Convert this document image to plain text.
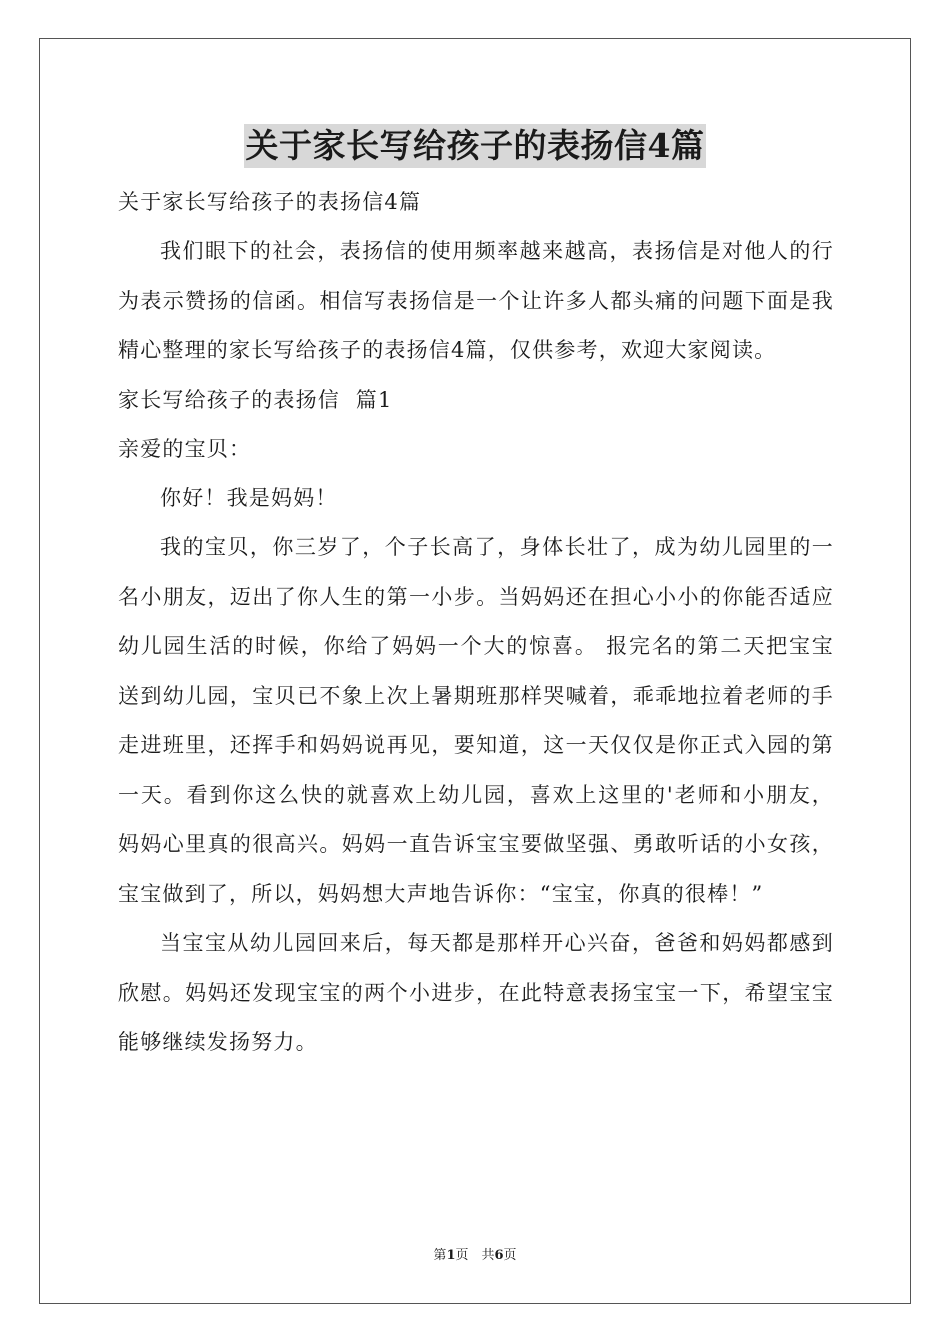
关于家长写给孩子的表扬信4篇

关于家长写给孩子的表扬信4篇

我们眼下的社会，表扬信的使用频率越来越高，表扬信是对他人的行为表示赞扬的信函。相信写表扬信是一个让许多人都头痛的问题下面是我精心整理的家长写给孩子的表扬信4篇，仅供参考，欢迎大家阅读。

家长写给孩子的表扬信  篇1

亲爱的宝贝：

你好！我是妈妈！

我的宝贝，你三岁了，个子长高了，身体长壮了，成为幼儿园里的一名小朋友，迈出了你人生的第一小步。当妈妈还在担心小小的你能否适应幼儿园生活的时候，你给了妈妈一个大的惊喜。 报完名的第二天把宝宝送到幼儿园，宝贝已不象上次上暑期班那样哭喊着，乖乖地拉着老师的手走进班里，还挥手和妈妈说再见，要知道，这一天仅仅是你正式入园的第一天。看到你这么快的就喜欢上幼儿园，喜欢上这里的'老师和小朋友，妈妈心里真的很高兴。妈妈一直告诉宝宝要做坚强、勇敢听话的小女孩，宝宝做到了，所以，妈妈想大声地告诉你：“宝宝，你真的很棒！”

当宝宝从幼儿园回来后，每天都是那样开心兴奋，爸爸和妈妈都感到欣慰。妈妈还发现宝宝的两个小进步，在此特意表扬宝宝一下，希望宝宝能够继续发扬努力。

第1页　共6页
